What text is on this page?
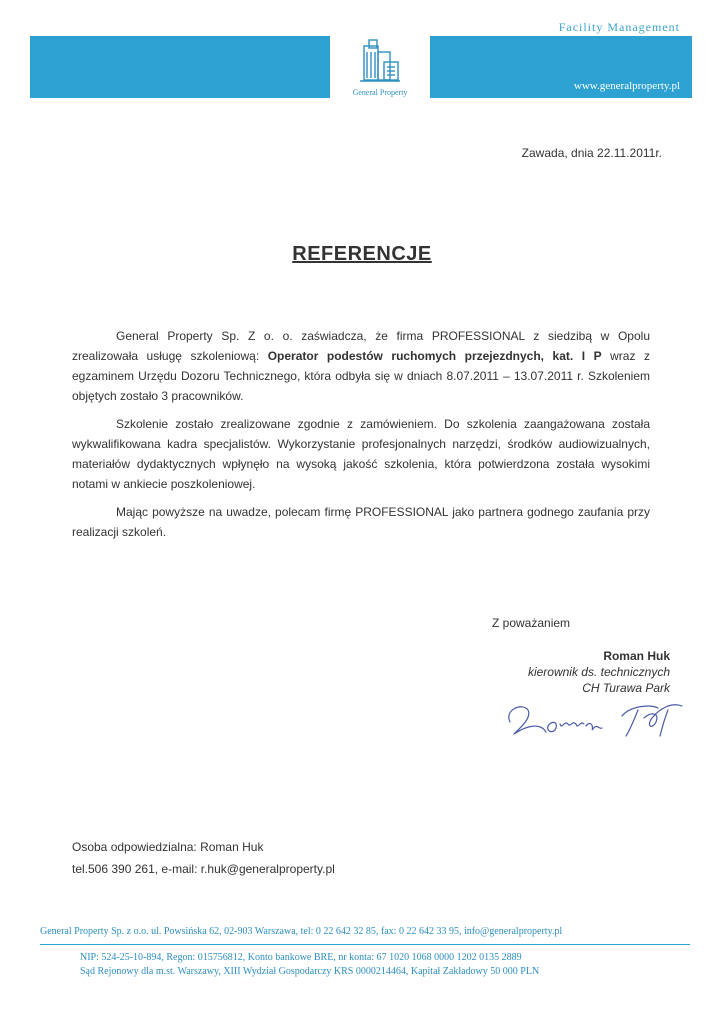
Facility Management
General Property
www.generalproperty.pl
Zawada, dnia 22.11.2011r.
REFERENCJE

General Property Sp. Z o. o. zaświadcza, że firma PROFESSIONAL z siedzibą w Opolu zrealizowała usługę szkoleniową: Operator podestów ruchomych przejezdnych, kat. I P wraz z egzaminem Urzędu Dozoru Technicznego, która odbyła się w dniach 8.07.2011 – 13.07.2011 r. Szkoleniem objętych zostało 3 pracowników.

Szkolenie zostało zrealizowane zgodnie z zamówieniem. Do szkolenia zaangażowana została wykwalifikowana kadra specjalistów. Wykorzystanie profesjonalnych narzędzi, środków audiowizualnych, materiałów dydaktycznych wpłynęło na wysoką jakość szkolenia, która potwierdzona została wysokimi notami w ankiecie poszkoleniowej.

Mając powyższe na uwadze, polecam firmę PROFESSIONAL jako partnera godnego zaufania przy realizacji szkoleń.

Z poważaniem
Roman Huk
kierownik ds. technicznych
CH Turawa Park
Osoba odpowiedzialna: Roman Huk
tel.506 390 261, e-mail: r.huk@generalproperty.pl
General Property Sp. z o.o. ul. Powsińska 62, 02-903 Warszawa, tel: 0 22 642 32 85, fax: 0 22 642 33 95, info@generalproperty.pl
NIP: 524-25-10-894, Regon: 015756812, Konto bankowe BRE, nr konta: 67 1020 1068 0000 1202 0135 2889
Sąd Rejonowy dla m.st. Warszawy, XIII Wydział Gospodarczy KRS 0000214464, Kapitał Zakładowy 50 000 PLN
